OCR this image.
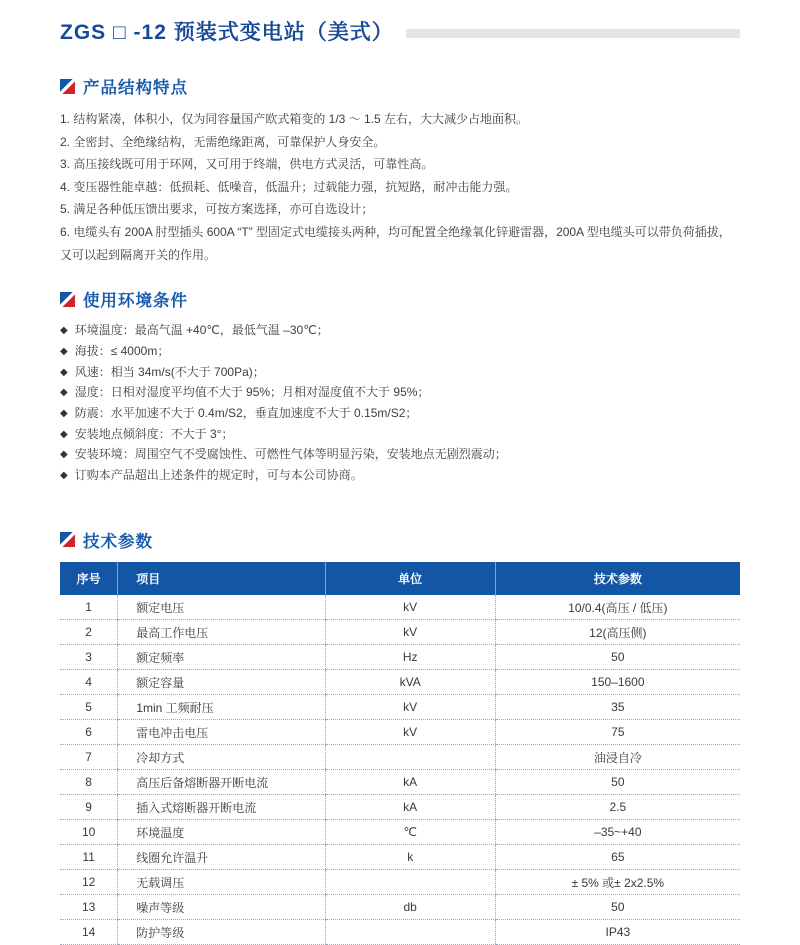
ZGS □ -12 预装式变电站（美式）
产品结构特点
1. 结构紧凑，体积小，仅为同容量国产欧式箱变的 1/3 ～ 1.5 左右，大大减少占地面积。
2. 全密封、全绝缘结构，无需绝缘距离，可靠保护人身安全。
3. 高压接线既可用于环网，又可用于终端，供电方式灵活，可靠性高。
4. 变压器性能卓越：低损耗、低噪音，低温升；过载能力强，抗短路，耐冲击能力强。
5. 满足各种低压馈出要求，可按方案选择，亦可自选设计；
6. 电缆头有 200A 肘型插头 600A “T” 型固定式电缆接头两种，均可配置全绝缘氧化锌避雷器，200A 型电缆头可以带负荷插拔，又可以起到隔离开关的作用。
使用环境条件
◆ 环境温度：最高气温 +40℃，最低气温 –30℃；
◆ 海拔：≤ 4000m；
◆ 风速：相当 34m/s(不大于 700Pa)；
◆ 湿度：日相对湿度平均值不大于 95%；月相对湿度值不大于 95%；
◆ 防震：水平加速不大于 0.4m/S2，垂直加速度不大于 0.15m/S2；
◆ 安装地点倾斜度：不大于 3°；
◆ 安装环境：周围空气不受腐蚀性、可燃性气体等明显污染，安装地点无剧烈震动；
◆ 订购本产品超出上述条件的规定时，可与本公司协商。
技术参数
序号	项目	单位	技术参数
1	额定电压	kV	10/0.4(高压 / 低压)
2	最高工作电压	kV	12(高压侧)
3	额定频率	Hz	50
4	额定容量	kVA	150–1600
5	1min 工频耐压	kV	35
6	雷电冲击电压	kV	75
7	冷却方式		油浸自冷
8	高压后备熔断器开断电流	kA	50
9	插入式熔断器开断电流	kA	2.5
10	环境温度	℃	–35~+40
11	线圈允许温升	k	65
12	无载调压		± 5% 或± 2x2.5%
13	噪声等级	db	50
14	防护等级		IP43
